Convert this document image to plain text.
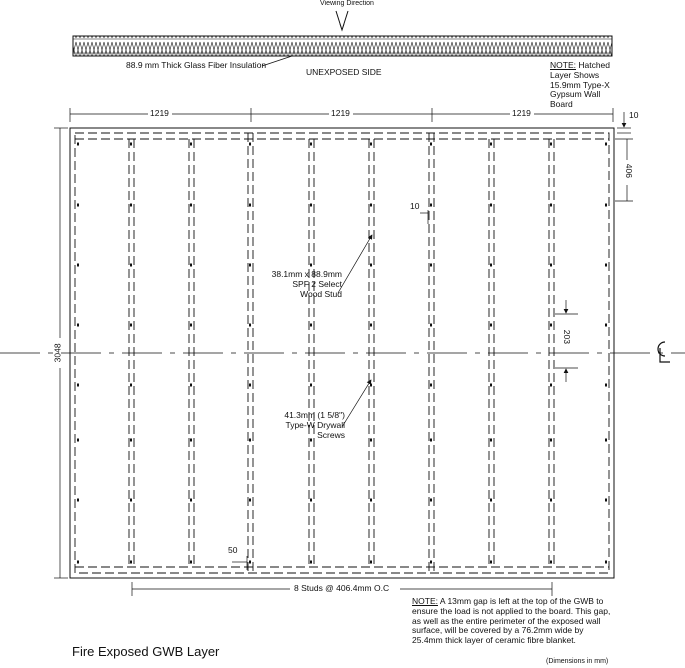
Viewing Direction
88.9 mm Thick Glass Fiber Insulation
UNEXPOSED SIDE
NOTE: Hatched
Layer Shows
15.9mm Type-X
Gypsum Wall
Board
1219	1219	1219	10
406
10
203
3048
38.1mm x 88.9mm
SPF 2 Select
Wood Stud
41.3mm (1 5/8")
Type-W Drywall
Screws
50
8 Studs @ 406.4mm O.C
NOTE: A 13mm gap is left at the top of the GWB to
ensure the load is not applied to the board. This gap,
as well as the entire perimeter of the exposed wall
surface, will be covered by a 76.2mm wide by
25.4mm thick layer of ceramic fibre blanket.
Fire Exposed GWB Layer
(Dimensions in mm)
